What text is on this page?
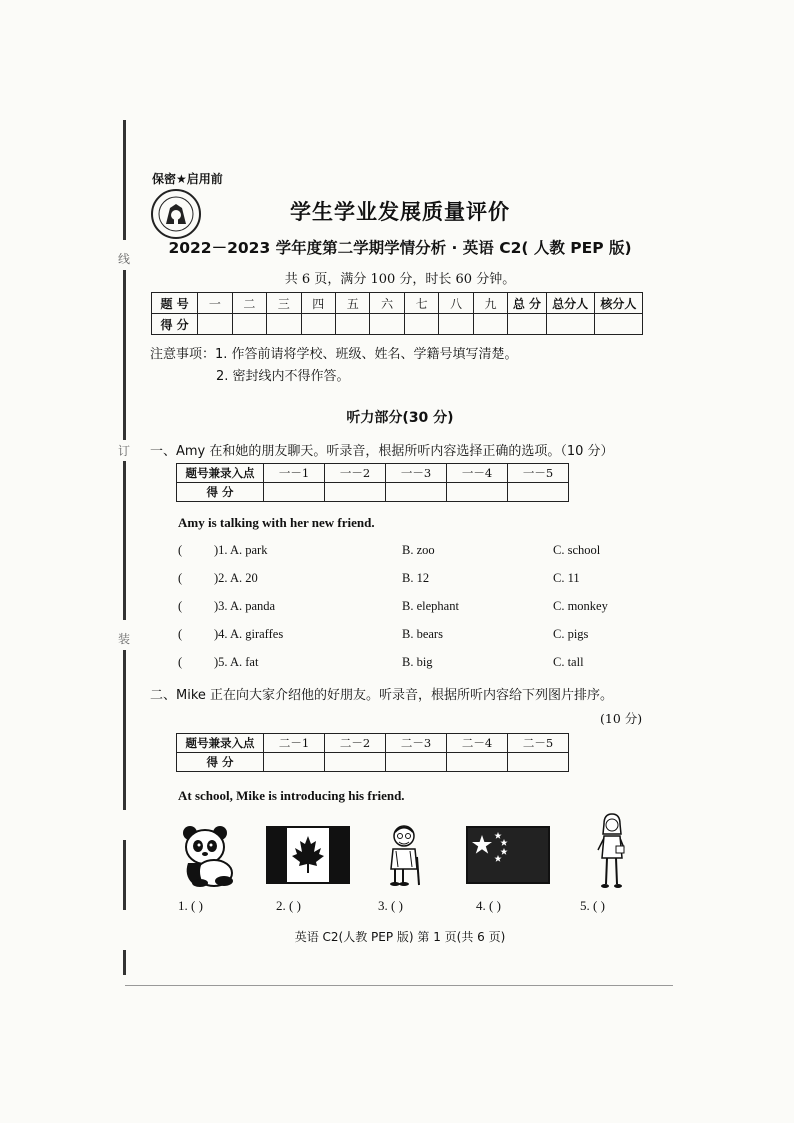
线
订
装
保密★启用前
学生学业发展质量评价
2022－2023 学年度第二学期学情分析 · 英语 C2( 人教 PEP 版)
共 6 页，满分 100 分，时长 60 分钟。
题 号	一	二	三	四	五	六	七	八	九	总 分	总分人	核分人
得 分												
注意事项：1. 作答前请将学校、班级、姓名、学籍号填写清楚。
2. 密封线内不得作答。
听力部分(30 分)
一、Amy 在和她的朋友聊天。听录音，根据所听内容选择正确的选项。（10 分）
题号兼录入点	一－1	一－2	一－3	一－4	一－5
得 分					
Amy is talking with her new friend.
(	)1. A. park	B. zoo	C. school
(	)2. A. 20	B. 12	C. 11
(	)3. A. panda	B. elephant	C. monkey
(	)4. A. giraffes	B. bears	C. pigs
(	)5. A. fat	B. big	C. tall
二、Mike 正在向大家介绍他的好朋友。听录音，根据所听内容给下列图片排序。
(10 分)
题号兼录入点	二－1	二－2	二－3	二－4	二－5
得 分					
At school, Mike is introducing his friend.
1. ( )	2. ( )	3. ( )	4. ( )	5. ( )
英语 C2(人教 PEP 版) 第 1 页(共 6 页)
